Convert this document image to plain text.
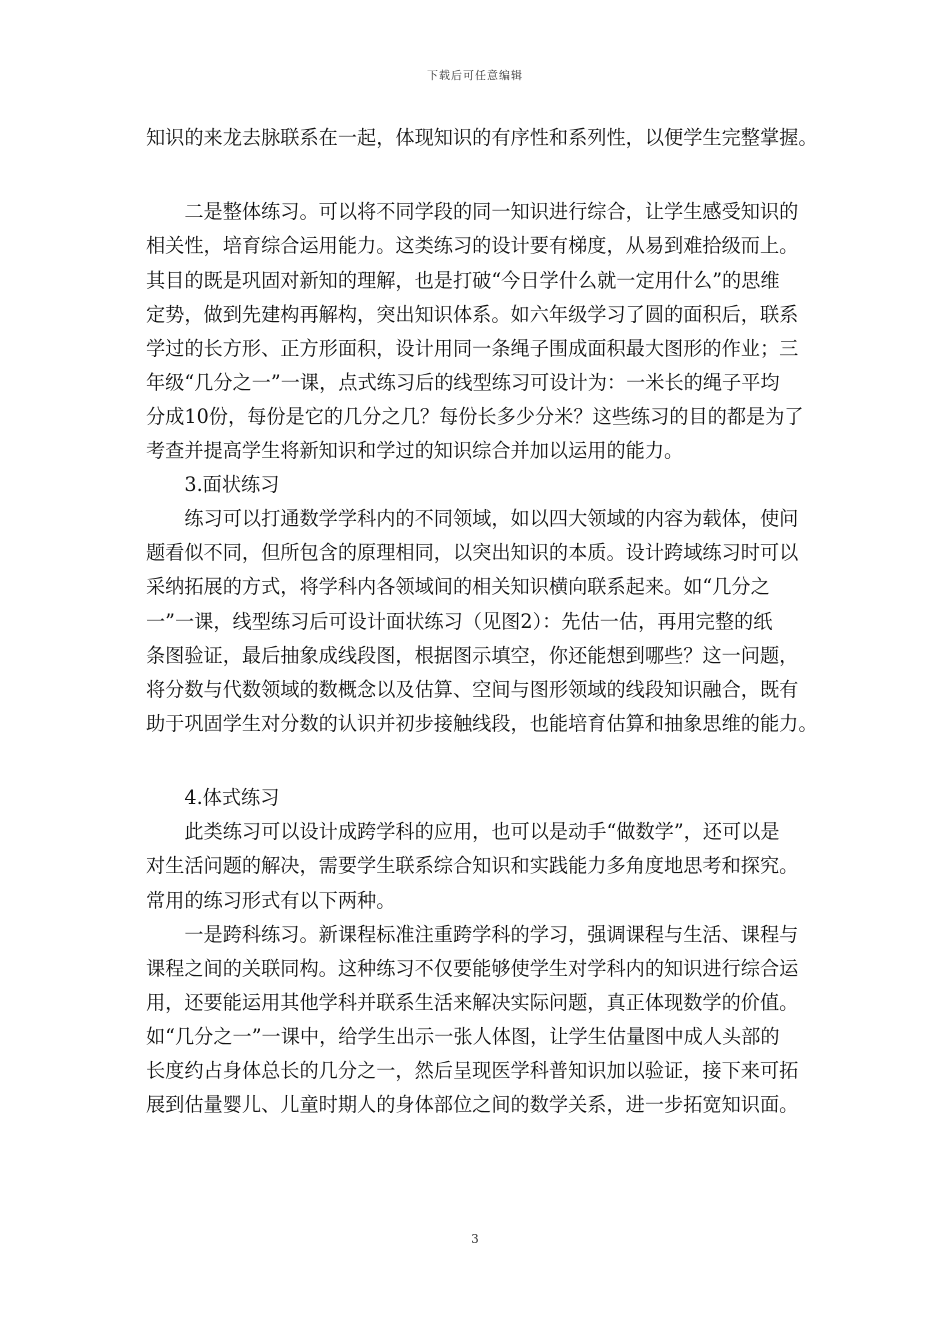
下载后可任意编辑
知识的来龙去脉联系在一起，体现知识的有序性和系列性，以便学生完整掌握。
　　二是整体练习。可以将不同学段的同一知识进行综合，让学生感受知识的
相关性，培育综合运用能力。这类练习的设计要有梯度，从易到难拾级而上。
其目的既是巩固对新知的理解，也是打破“今日学什么就一定用什么”的思维
定势，做到先建构再解构，突出知识体系。如六年级学习了圆的面积后，联系
学过的长方形、正方形面积，设计用同一条绳子围成面积最大图形的作业；三
年级“几分之一”一课，点式练习后的线型练习可设计为：一米长的绳子平均
分成10份，每份是它的几分之几？每份长多少分米？这些练习的目的都是为了
考查并提高学生将新知识和学过的知识综合并加以运用的能力。
　　3.面状练习
　　练习可以打通数学学科内的不同领域，如以四大领域的内容为载体，使问
题看似不同，但所包含的原理相同，以突出知识的本质。设计跨域练习时可以
采纳拓展的方式，将学科内各领域间的相关知识横向联系起来。如“几分之
一”一课，线型练习后可设计面状练习（见图2）：先估一估，再用完整的纸
条图验证，最后抽象成线段图，根据图示填空，你还能想到哪些？这一问题，
将分数与代数领域的数概念以及估算、空间与图形领域的线段知识融合，既有
助于巩固学生对分数的认识并初步接触线段，也能培育估算和抽象思维的能力。
　　4.体式练习
　　此类练习可以设计成跨学科的应用，也可以是动手“做数学”，还可以是
对生活问题的解决，需要学生联系综合知识和实践能力多角度地思考和探究。
常用的练习形式有以下两种。
　　一是跨科练习。新课程标准注重跨学科的学习，强调课程与生活、课程与
课程之间的关联同构。这种练习不仅要能够使学生对学科内的知识进行综合运
用，还要能运用其他学科并联系生活来解决实际问题，真正体现数学的价值。
如“几分之一”一课中，给学生出示一张人体图，让学生估量图中成人头部的
长度约占身体总长的几分之一，然后呈现医学科普知识加以验证，接下来可拓
展到估量婴儿、儿童时期人的身体部位之间的数学关系，进一步拓宽知识面。
3
